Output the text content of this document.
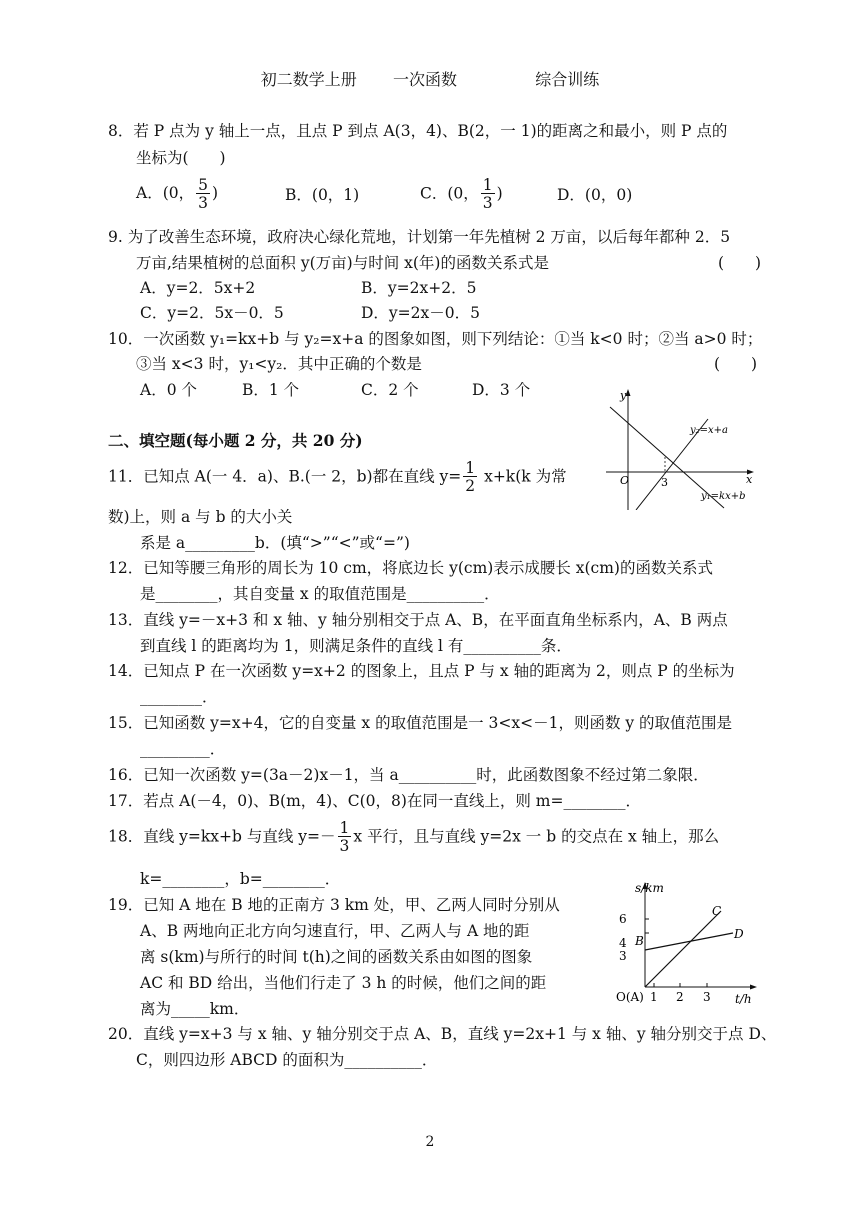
初二数学上册 一次函数	综合训练
8．若 P 点为 y 轴上一点，且点 P 到点 A(3，4)、B(2，一 1)的距离之和最小，则 P 点的
坐标为(　　)
A．(0， $\frac{5}{3}$ )	B．(0，1)	C．(0， $\frac{1}{3}$ )	D．(0，0)
9. 为了改善生态环境，政府决心绿化荒地，计划第一年先植树 2 万亩，以后每年都种 2．5
万亩,结果植树的总面积 y(万亩)与时间 x(年)的函数关系式是	(　　)
A．y=2．5x+2	B．y=2x+2．5
C．y=2．5x－0．5	D．y=2x－0．5
10．一次函数 y₁=kx+b 与 y₂=x+a 的图象如图，则下列结论：①当 k<0 时；②当 a>0 时；
③当 x<3 时，y₁<y₂．其中正确的个数是	(　　)
A．0 个	B．1 个	C．2 个	D．3 个	y
x
O	3
y₂=x+a
y₁=kx+b
二、填空题(每小题 2 分，共 20 分)
11．已知点 A(一 4．a)、B.(一 2，b)都在直线 $y= \frac{1}{2} x+k(k$ 为常
数)上，则 a 与 b 的大小关
系是 a_________b．(填“>”“<”或“=”)
12．已知等腰三角形的周长为 10 cm，将底边长 y(cm)表示成腰长 x(cm)的函数关系式
是________，其自变量 x 的取值范围是__________．
13．直线 y=－x+3 和 x 轴、y 轴分别相交于点 A、B，在平面直角坐标系内，A、B 两点
到直线 l 的距离均为 1，则满足条件的直线 l 有__________条．
14．已知点 P 在一次函数 y=x+2 的图象上，且点 P 与 x 轴的距离为 2，则点 P 的坐标为
________．
15．已知函数 y=x+4，它的自变量 x 的取值范围是一 3<x<－1，则函数 y 的取值范围是
_________．
16．已知一次函数 y=(3a－2)x－1，当 a__________时，此函数图象不经过第二象限．
17．若点 A(－4，0)、B(m，4)、C(0，8)在同一直线上，则 m=________．
18．直线 y=kx+b 与直线 $y=- \frac{1}{3}$ x 平行，且与直线 y=2x 一 b 的交点在 x 轴上，那么
k=________，b=________．
19．已知 A 地在 B 地的正南方 3 km 处，甲、乙两人同时分别从
A、B 两地向正北方向匀速直行，甲、乙两人与 A 地的距
离 s(km)与所行的时间 t(h)之间的函数关系由如图的图象
AC 和 BD 给出，当他们行走了 3 h 的时候，他们之间的距
离为_____km．
s/km
t/h
O(A)
6
4
3
1 2 3
B
C
D
20．直线 y=x+3 与 x 轴、y 轴分别交于点 A、B，直线 y=2x+1 与 x 轴、y 轴分别交于点 D、
C，则四边形 ABCD 的面积为__________．
2
